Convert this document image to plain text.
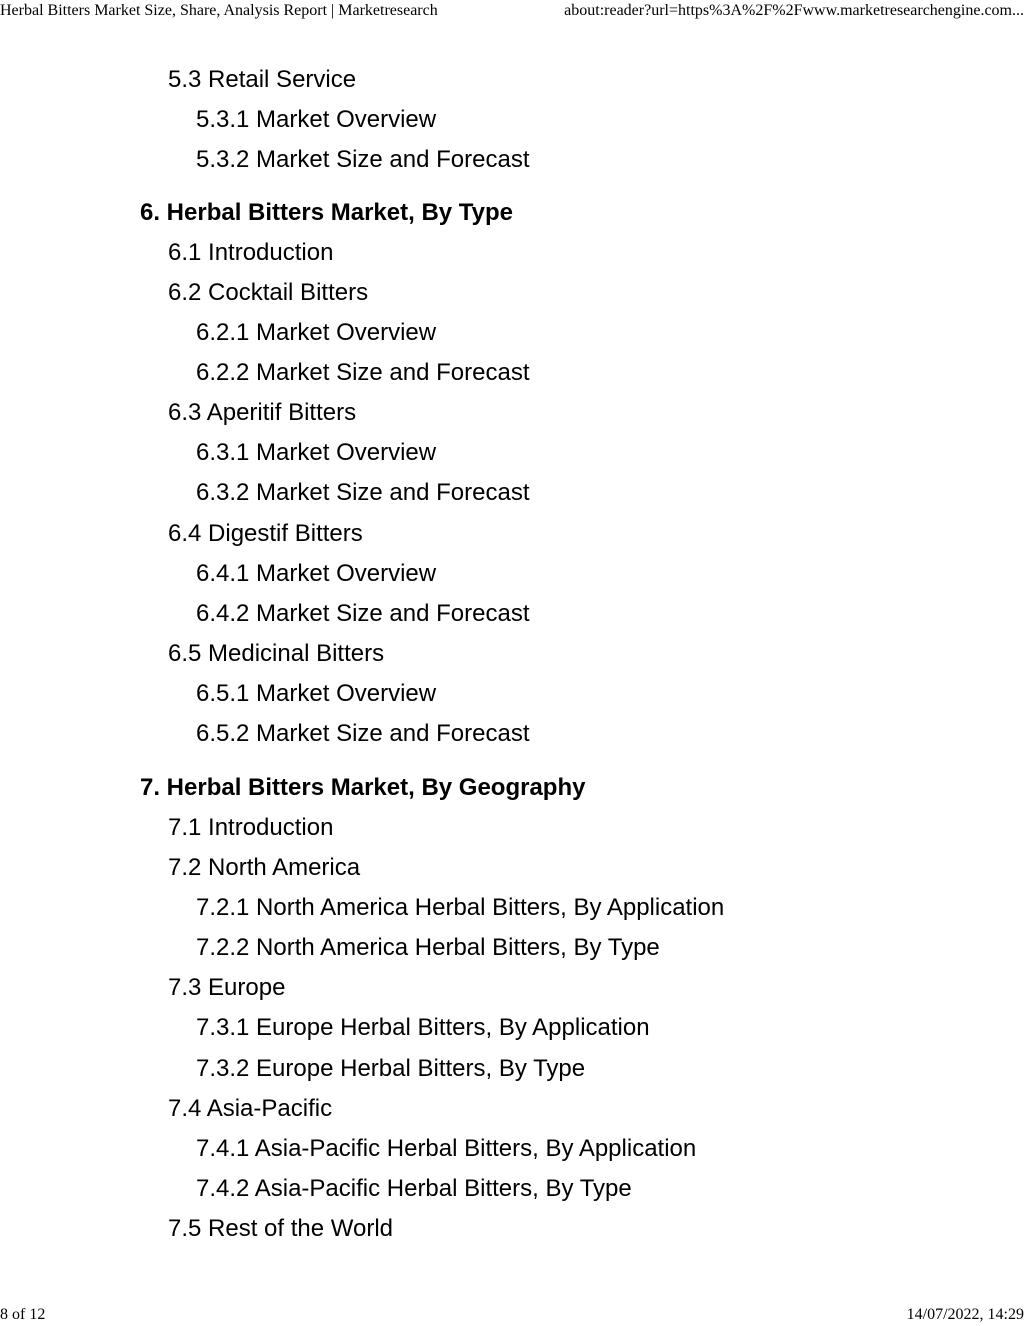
Herbal Bitters Market Size, Share, Analysis Report | Marketresearch	about:reader?url=https%3A%2F%2Fwww.marketresearchengine.com...
5.3 Retail Service
5.3.1 Market Overview
5.3.2 Market Size and Forecast
6. Herbal Bitters Market, By Type
6.1 Introduction
6.2 Cocktail Bitters
6.2.1 Market Overview
6.2.2 Market Size and Forecast
6.3 Aperitif Bitters
6.3.1 Market Overview
6.3.2 Market Size and Forecast
6.4 Digestif Bitters
6.4.1 Market Overview
6.4.2 Market Size and Forecast
6.5 Medicinal Bitters
6.5.1 Market Overview
6.5.2 Market Size and Forecast
7. Herbal Bitters Market, By Geography
7.1 Introduction
7.2 North America
7.2.1 North America Herbal Bitters, By Application
7.2.2 North America Herbal Bitters, By Type
7.3 Europe
7.3.1 Europe Herbal Bitters, By Application
7.3.2 Europe Herbal Bitters, By Type
7.4 Asia-Pacific
7.4.1 Asia-Pacific Herbal Bitters, By Application
7.4.2 Asia-Pacific Herbal Bitters, By Type
7.5 Rest of the World
8 of 12	14/07/2022, 14:29
